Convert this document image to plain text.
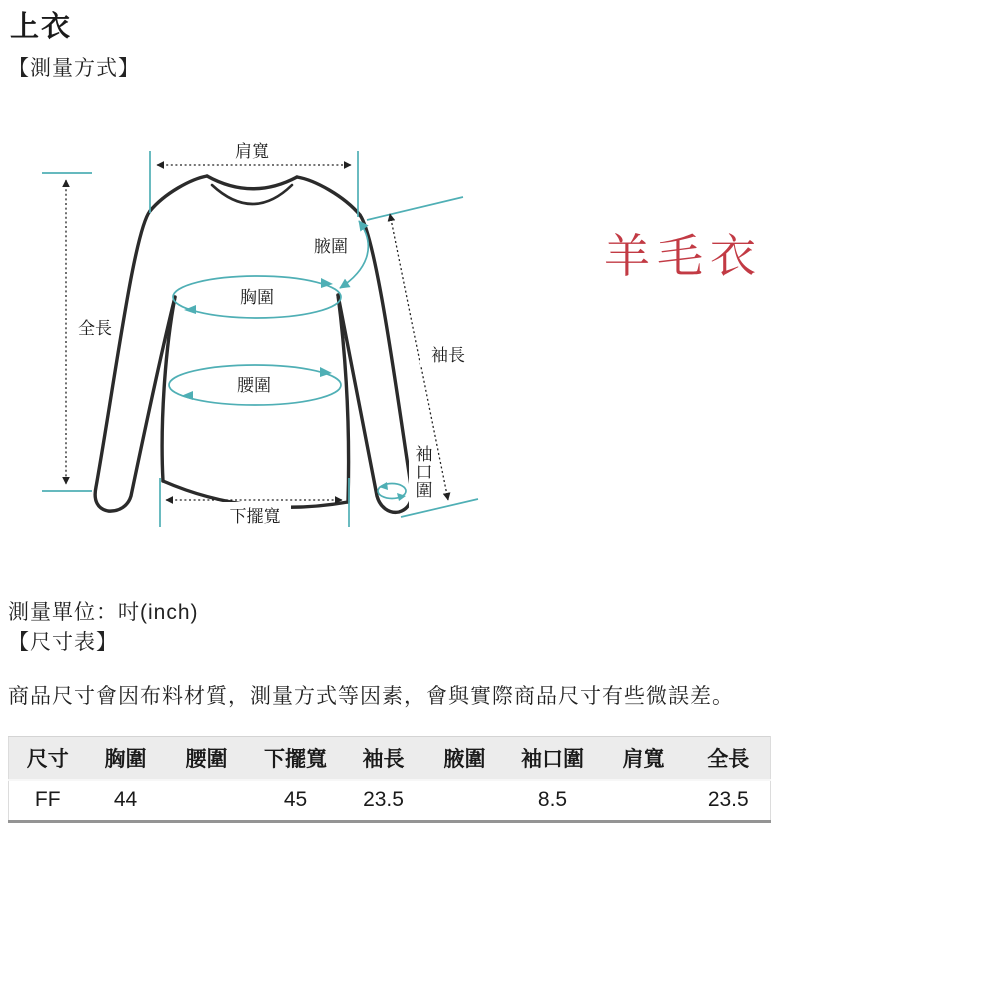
上衣
【測量方式】
肩寬
全長
胸圍
腰圍
腋圍
袖長
下擺寬
袖口圍
羊毛衣
測量單位：吋(inch)
【尺寸表】
商品尺寸會因布料材質，測量方式等因素，會與實際商品尺寸有些微誤差。
尺寸	胸圍	腰圍	下擺寬	袖長	腋圍	袖口圍	肩寬	全長
FF	44		45	23.5		8.5		23.5
